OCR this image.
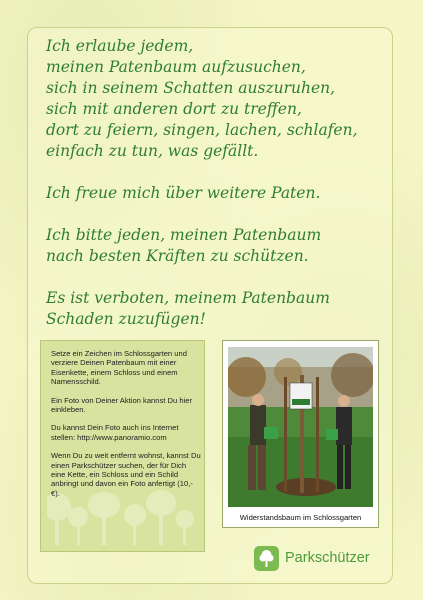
Ich erlaube jedem,
meinen Patenbaum aufzusuchen,
sich in seinem Schatten auszuruhen,
sich mit anderen dort zu treffen,
dort zu feiern, singen, lachen, schlafen,
einfach zu tun, was gefällt.
Ich freue mich über weitere Paten.
Ich bitte jeden, meinen Patenbaum
nach besten Kräften zu schützen.
Es ist verboten, meinem Patenbaum
Schaden zuzufügen!

Setze ein Zeichen im Schlossgarten und verziere Deinen Patenbaum mit einer Eisenkette, einem Schloss und einem Namensschild.

Ein Foto von Deiner Aktion kannst Du hier einkleben.

Du kannst Dein Foto auch ins Internet stellen: http://www.panoramio.com

Wenn Du zu weit entfernt wohnst, kannst Du einen Parkschützer suchen, der für Dich eine Kette, ein Schloss und ein Schild anbringt und davon ein Foto anfertigt (10,-€).

Widerstandsbaum im Schlossgarten
Parkschützer
